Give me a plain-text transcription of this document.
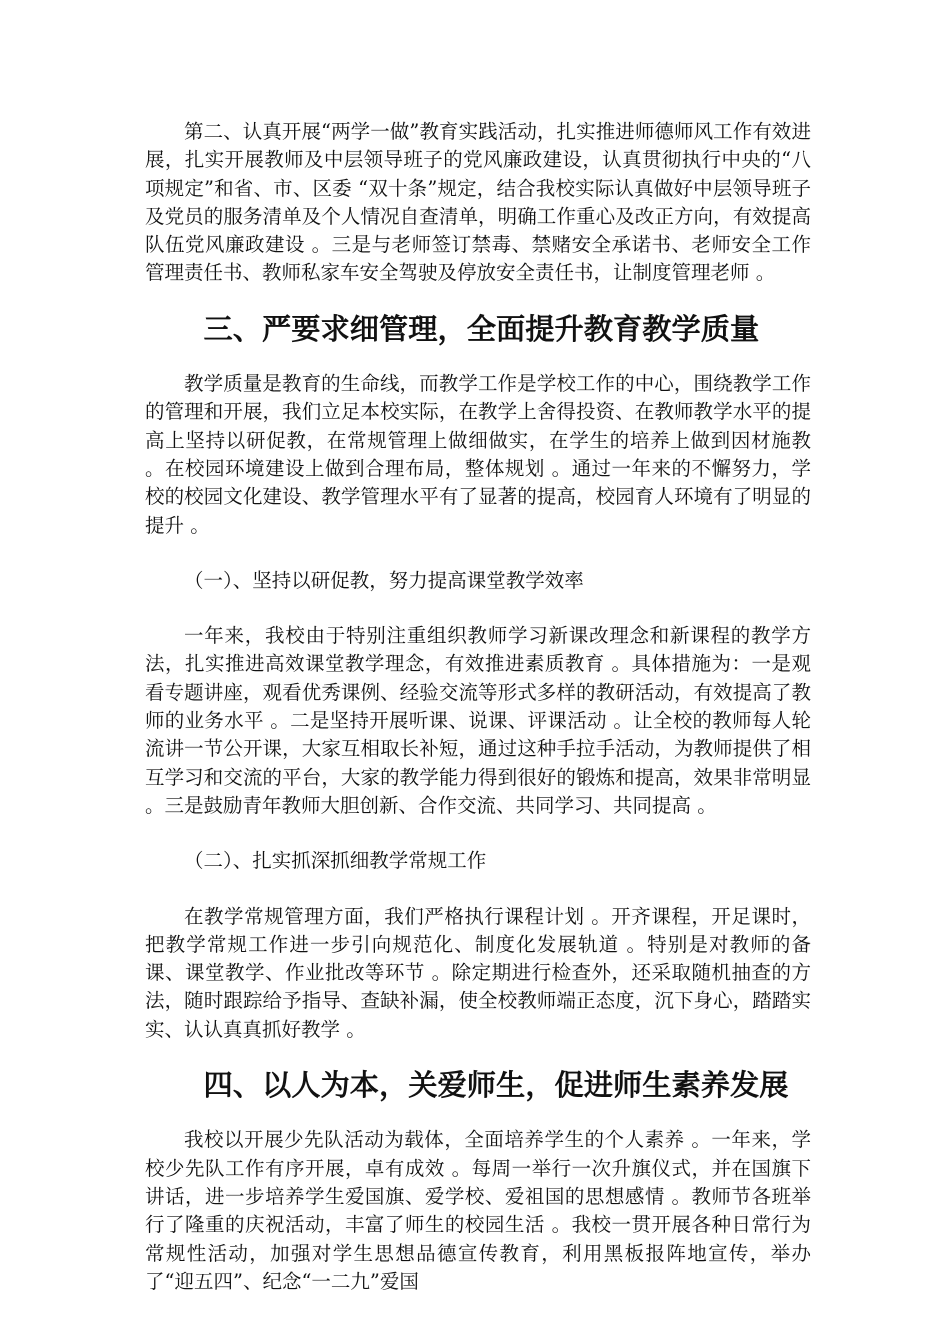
第二、认真开展“两学一做”教育实践活动，扎实推进师德师风工作有效进展，扎实开展教师及中层领导班子的党风廉政建设，认真贯彻执行中央的“八项规定”和省、市、区委 “双十条”规定，结合我校实际认真做好中层领导班子及党员的服务清单及个人情况自查清单，明确工作重心及改正方向，有效提高队伍党风廉政建设 。三是与老师签订禁毒、禁赌安全承诺书、老师安全工作管理责任书、教师私家车安全驾驶及停放安全责任书，让制度管理老师 。

三、严要求细管理，全面提升教育教学质量

教学质量是教育的生命线，而教学工作是学校工作的中心，围绕教学工作的管理和开展，我们立足本校实际，在教学上舍得投资、在教师教学水平的提高上坚持以研促教，在常规管理上做细做实，在学生的培养上做到因材施教 。在校园环境建设上做到合理布局，整体规划 。通过一年来的不懈努力，学校的校园文化建设、教学管理水平有了显著的提高，校园育人环境有了明显的提升 。

（一）、坚持以研促教，努力提高课堂教学效率

一年来，我校由于特别注重组织教师学习新课改理念和新课程的教学方法，扎实推进高效课堂教学理念，有效推进素质教育 。具体措施为：一是观看专题讲座，观看优秀课例、经验交流等形式多样的教研活动，有效提高了教师的业务水平 。二是坚持开展听课、说课、评课活动 。让全校的教师每人轮流讲一节公开课，大家互相取长补短，通过这种手拉手活动，为教师提供了相互学习和交流的平台，大家的教学能力得到很好的锻炼和提高，效果非常明显 。三是鼓励青年教师大胆创新、合作交流、共同学习、共同提高 。

（二）、扎实抓深抓细教学常规工作

在教学常规管理方面，我们严格执行课程计划 。开齐课程，开足课时，把教学常规工作进一步引向规范化、制度化发展轨道 。特别是对教师的备课、课堂教学、作业批改等环节 。除定期进行检查外，还采取随机抽查的方法，随时跟踪给予指导、查缺补漏，使全校教师端正态度，沉下身心，踏踏实实、认认真真抓好教学 。

四、以人为本，关爱师生，促进师生素养发展

我校以开展少先队活动为载体，全面培养学生的个人素养 。一年来，学校少先队工作有序开展，卓有成效 。每周一举行一次升旗仪式，并在国旗下讲话，进一步培养学生爱国旗、爱学校、爱祖国的思想感情 。教师节各班举行了隆重的庆祝活动，丰富了师生的校园生活 。我校一贯开展各种日常行为常规性活动，加强对学生思想品德宣传教育，利用黑板报阵地宣传，举办了“迎五四”、纪念“一二九”爱国
